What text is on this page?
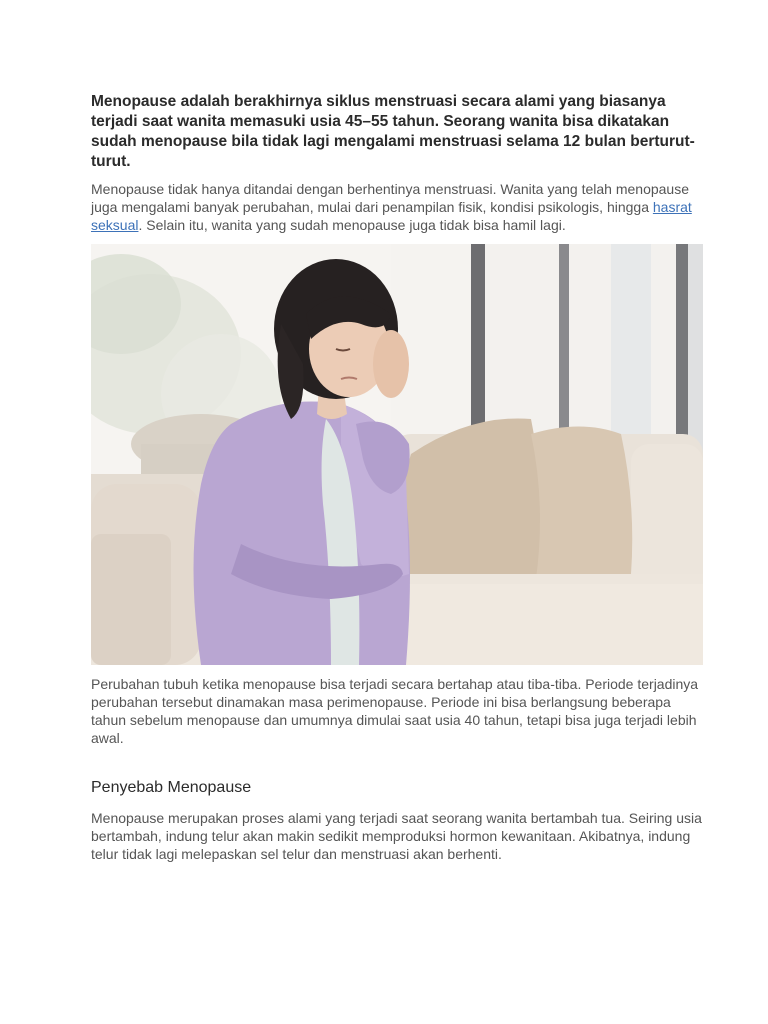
Menopause adalah berakhirnya siklus menstruasi secara alami yang biasanya terjadi saat wanita memasuki usia 45–55 tahun. Seorang wanita bisa dikatakan sudah menopause bila tidak lagi mengalami menstruasi selama 12 bulan berturut-turut.

Menopause tidak hanya ditandai dengan berhentinya menstruasi. Wanita yang telah menopause juga mengalami banyak perubahan, mulai dari penampilan fisik, kondisi psikologis, hingga hasrat seksual. Selain itu, wanita yang sudah menopause juga tidak bisa hamil lagi.

Perubahan tubuh ketika menopause bisa terjadi secara bertahap atau tiba-tiba. Periode terjadinya perubahan tersebut dinamakan masa perimenopause. Periode ini bisa berlangsung beberapa tahun sebelum menopause dan umumnya dimulai saat usia 40 tahun, tetapi bisa juga terjadi lebih awal.

Penyebab Menopause

Menopause merupakan proses alami yang terjadi saat seorang wanita bertambah tua. Seiring usia bertambah, indung telur akan makin sedikit memproduksi hormon kewanitaan. Akibatnya, indung telur tidak lagi melepaskan sel telur dan menstruasi akan berhenti.
